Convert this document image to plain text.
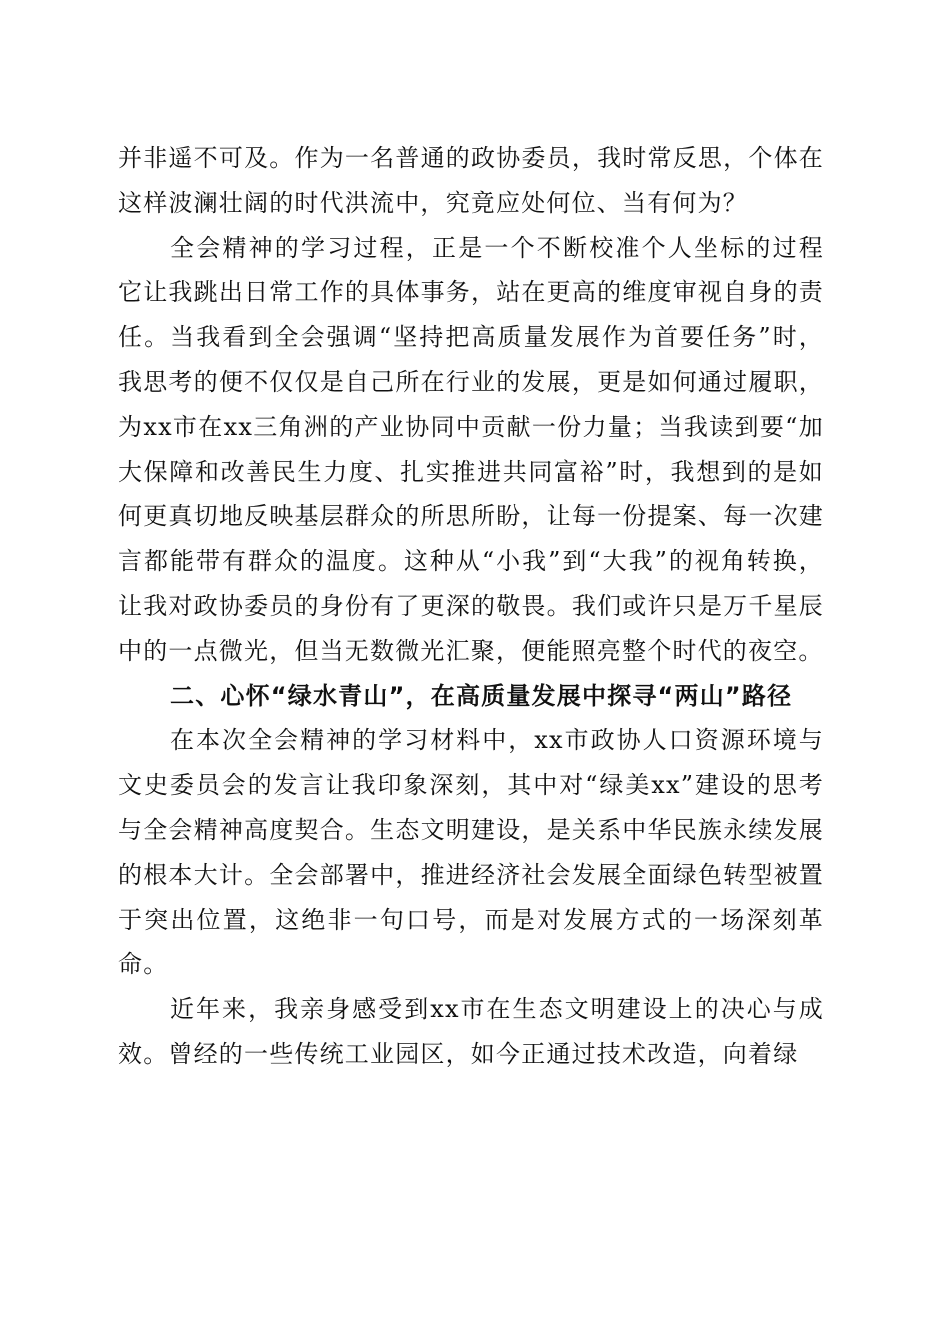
并非遥不可及。作为一名普通的政协委员，我时常反思，个体在这样波澜壮阔的时代洪流中，究竟应处何位、当有何为？

全会精神的学习过程，正是一个不断校准个人坐标的过程它让我跳出日常工作的具体事务，站在更高的维度审视自身的责任。当我看到全会强调“坚持把高质量发展作为首要任务”时，我思考的便不仅仅是自己所在行业的发展，更是如何通过履职，为xx市在xx三角洲的产业协同中贡献一份力量；当我读到要“加大保障和改善民生力度、扎实推进共同富裕”时，我想到的是如何更真切地反映基层群众的所思所盼，让每一份提案、每一次建言都能带有群众的温度。这种从“小我”到“大我”的视角转换，让我对政协委员的身份有了更深的敬畏。我们或许只是万千星辰中的一点微光，但当无数微光汇聚，便能照亮整个时代的夜空。

二、心怀“绿水青山”，在高质量发展中探寻“两山”路径

在本次全会精神的学习材料中，xx市政协人口资源环境与文史委员会的发言让我印象深刻，其中对“绿美xx”建设的思考与全会精神高度契合。生态文明建设，是关系中华民族永续发展的根本大计。全会部署中，推进经济社会发展全面绿色转型被置于突出位置，这绝非一句口号，而是对发展方式的一场深刻革命。

近年来，我亲身感受到xx市在生态文明建设上的决心与成效。曾经的一些传统工业园区，如今正通过技术改造，向着绿
